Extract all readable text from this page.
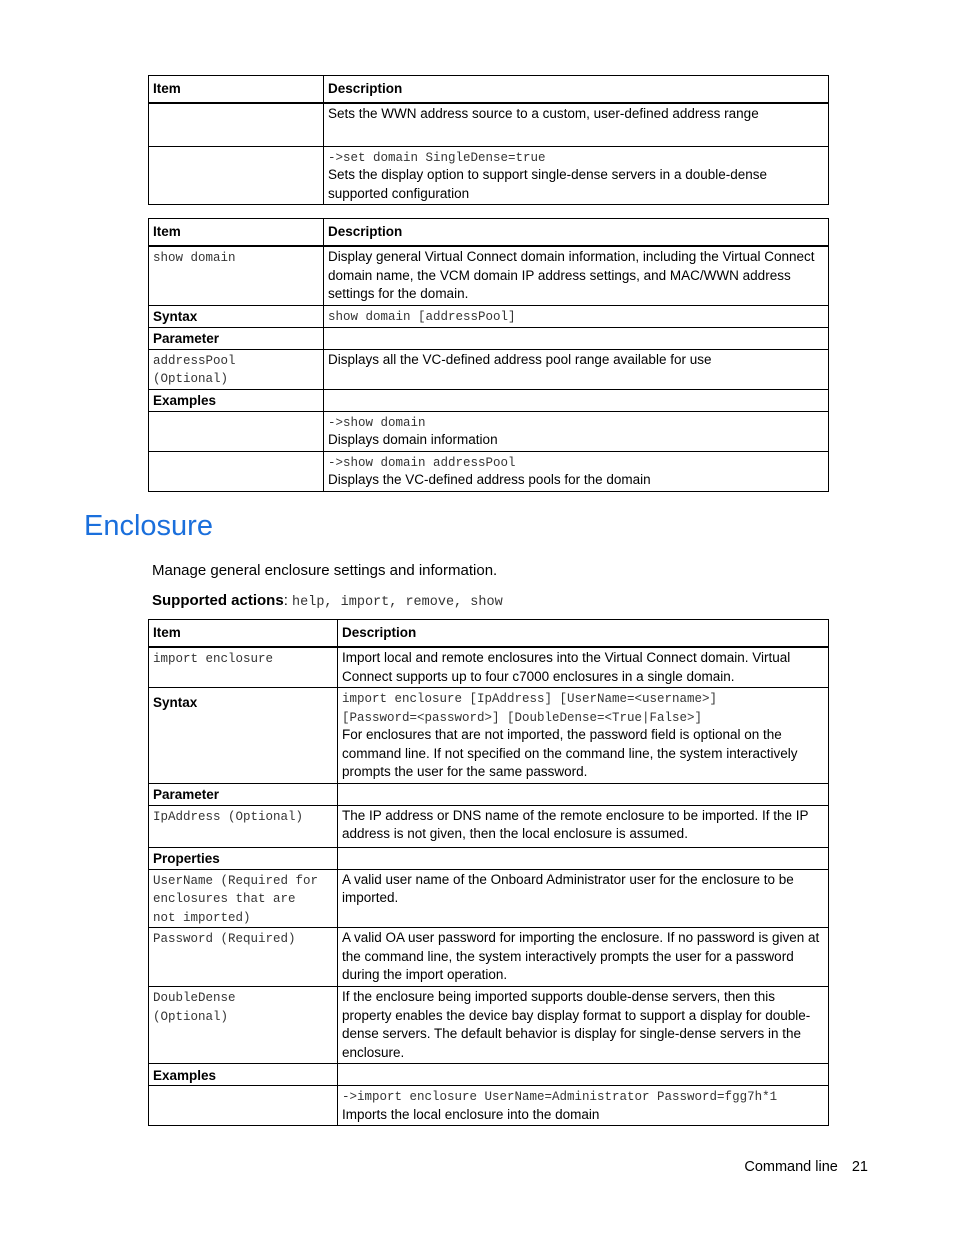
Item	Description
	Sets the WWN address source to a custom, user-defined address range
	->set domain SingleDense=true
Sets the display option to support single-dense servers in a double-dense supported configuration
Item	Description
show domain	Display general Virtual Connect domain information, including the Virtual Connect domain name, the VCM domain IP address settings, and MAC/WWN address settings for the domain.
Syntax	show domain [addressPool]
Parameter	
addressPool
(Optional)	Displays all the VC-defined address pool range available for use
Examples	
	->show domain
Displays domain information

	->show domain addressPool
Displays the VC-defined address pools for the domain
Enclosure

Manage general enclosure settings and information.

Supported actions: help, import, remove, show

Item	Description
import enclosure	Import local and remote enclosures into the Virtual Connect domain. Virtual Connect supports up to four c7000 enclosures in a single domain.
Syntax	import enclosure [IpAddress] [UserName=<username>]
[Password=<password>] [DoubleDense=<True|False>]
For enclosures that are not imported, the password field is optional on the command line. If not specified on the command line, the system interactively prompts the user for the same password.

Parameter	
IpAddress (Optional)	The IP address or DNS name of the remote enclosure to be imported. If the IP address is not given, then the local enclosure is assumed.
Properties	
UserName (Required for
enclosures that are
not imported)	A valid user name of the Onboard Administrator user for the enclosure to be imported.
Password (Required)	A valid OA user password for importing the enclosure. If no password is given at the command line, the system interactively prompts the user for a password during the import operation.
DoubleDense
(Optional)	If the enclosure being imported supports double-dense servers, then this property enables the device bay display format to support a display for double-dense servers. The default behavior is display for single-dense servers in the enclosure.
Examples	
	->import enclosure UserName=Administrator Password=fgg7h*1
Imports the local enclosure into the domain
Command line 21
